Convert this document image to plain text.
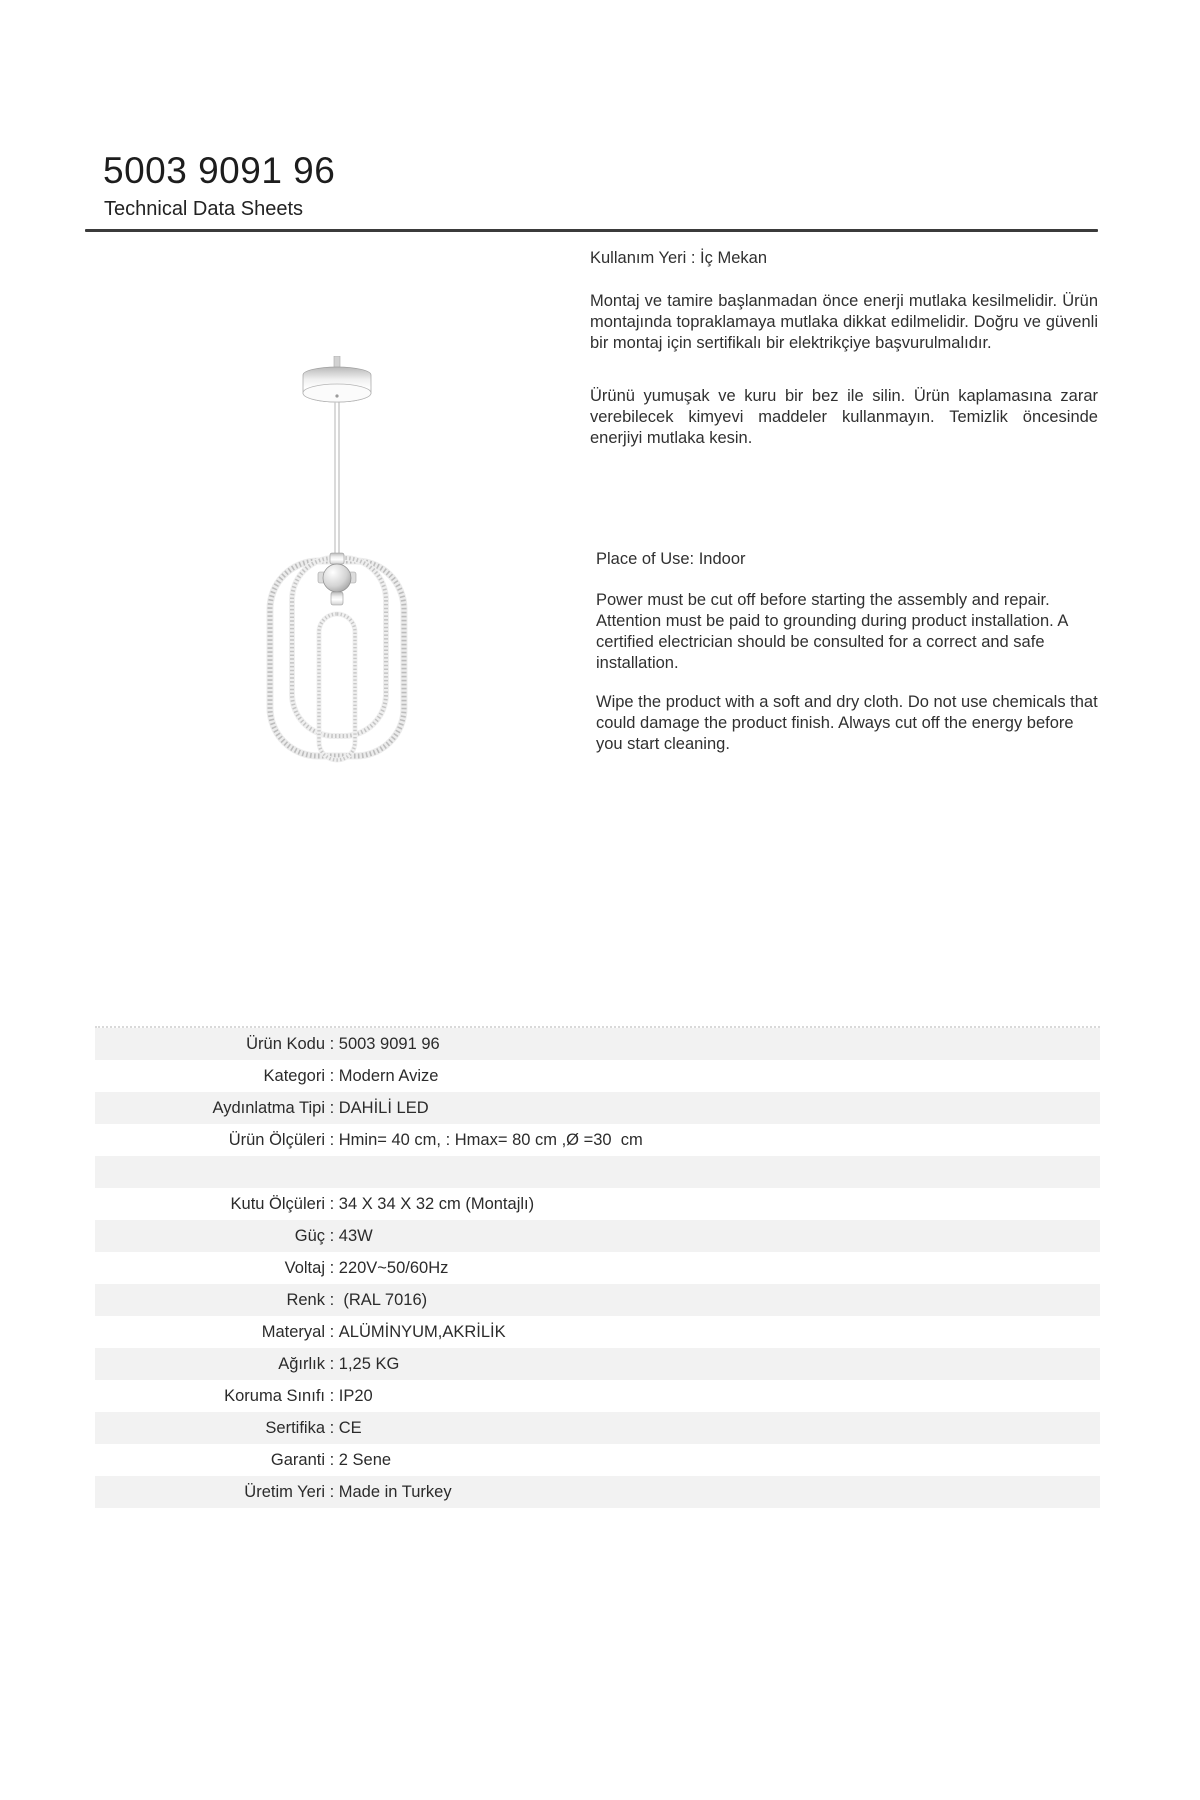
5003 9091 96
Technical Data Sheets

Kullanım Yeri : İç Mekan

Montaj ve tamire başlanmadan önce enerji mutlaka kesilmelidir. Ürün montajında topraklamaya mutlaka dikkat edilmelidir. Doğru ve güvenli bir montaj için sertifikalı bir elektrikçiye başvurulmalıdır.

Ürünü yumuşak ve kuru bir bez ile silin. Ürün kaplamasına zarar verebilecek kimyevi maddeler kullanmayın. Temizlik öncesinde enerjiyi mutlaka kesin.

Place of Use: Indoor

Power must be cut off before starting the assembly and repair. Attention must be paid to grounding during product installation. A certified electrician should be consulted for a correct and safe installation.

Wipe the product with a soft and dry cloth. Do not use chemicals that could damage the product finish. Always cut off the energy before you start cleaning.

Ürün Kodu : 5003 9091 96
Kategori : Modern Avize
Aydınlatma Tipi : DAHİLİ LED
Ürün Ölçüleri : Hmin= 40 cm, : Hmax= 80 cm ,Ø =30  cm
Kutu Ölçüleri : 34 X 34 X 32 cm (Montajlı)
Güç : 43W
Voltaj : 220V~50/60Hz
Renk : (RAL 7016)
Materyal : ALÜMİNYUM,AKRİLİK
Ağırlık : 1,25 KG
Koruma Sınıfı : IP20
Sertifika : CE
Garanti : 2 Sene
Üretim Yeri : Made in Turkey
